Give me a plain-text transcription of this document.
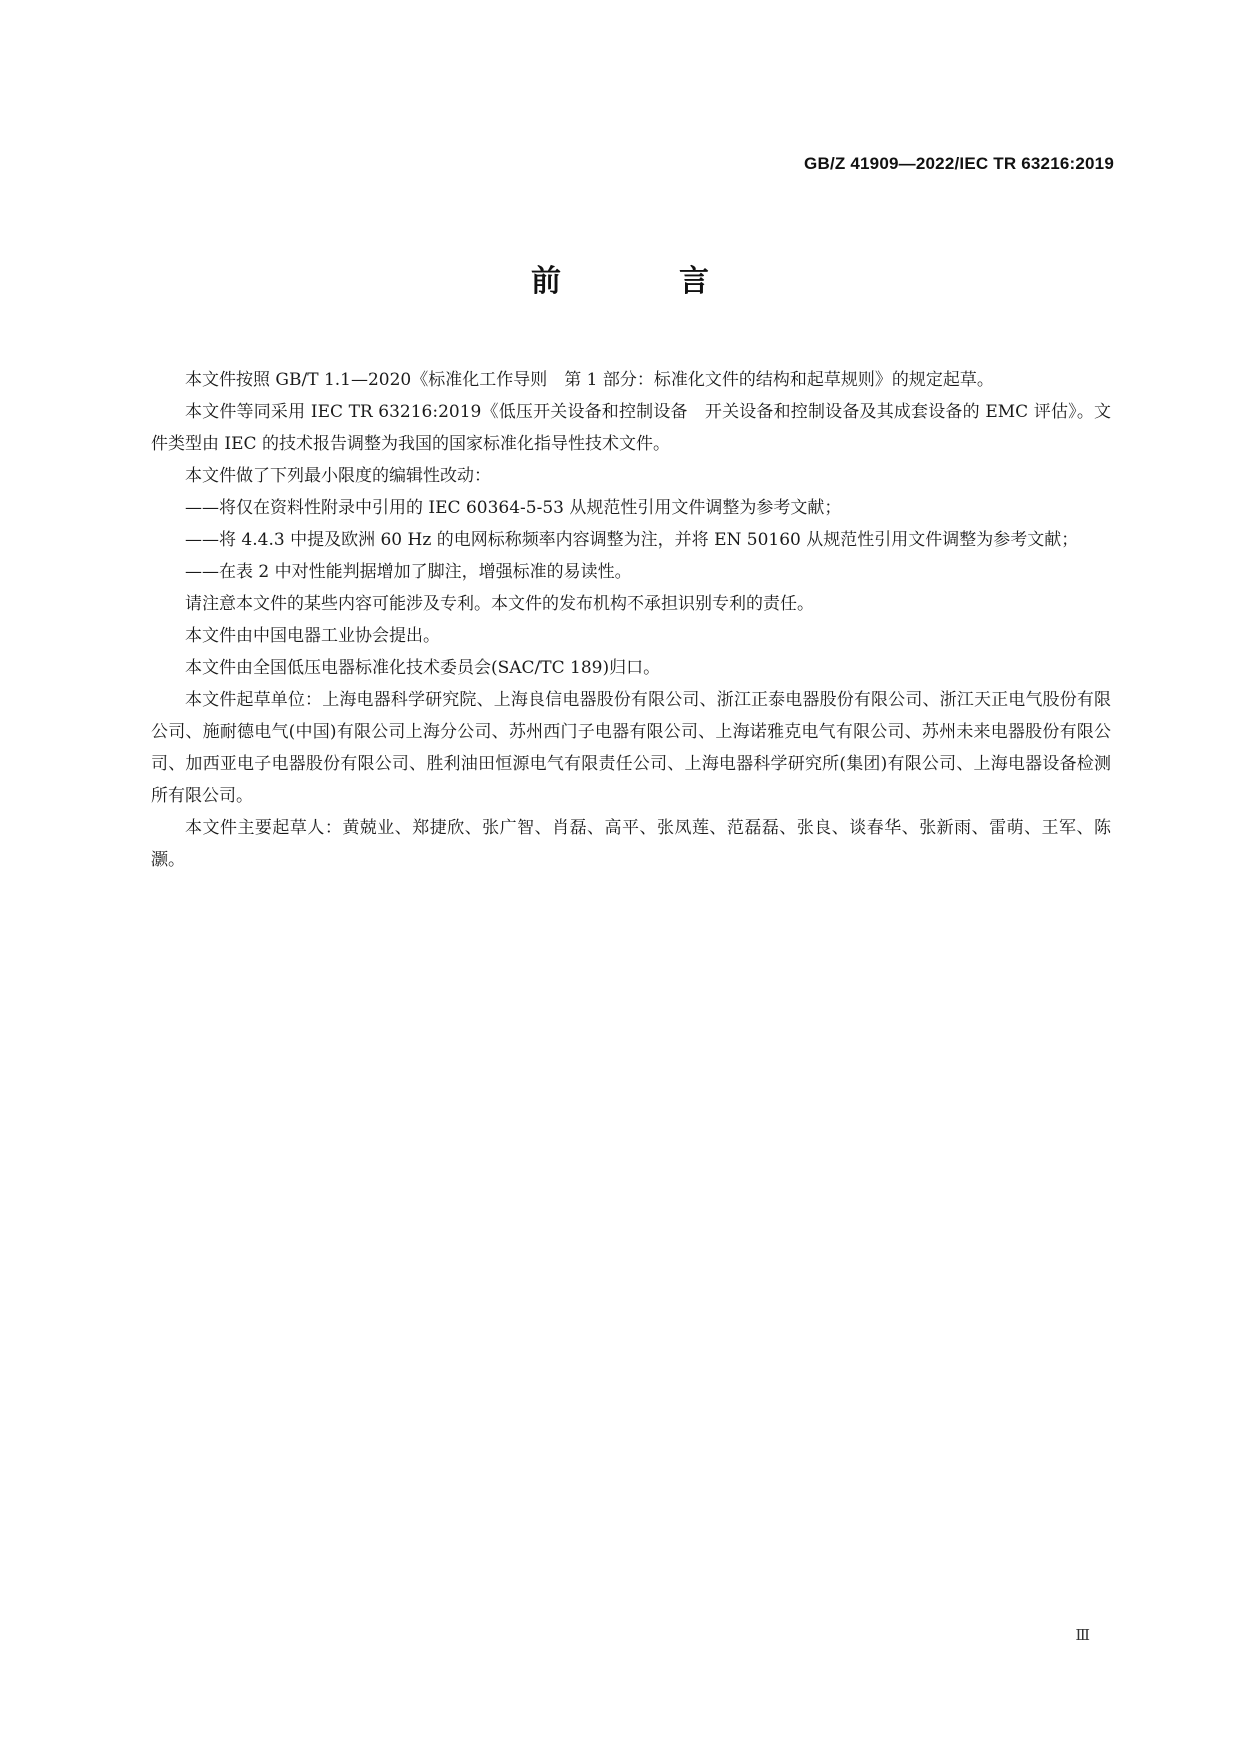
GB/Z 41909—2022/IEC TR 63216:2019
前　言

本文件按照 GB/T 1.1—2020《标准化工作导则　第 1 部分：标准化文件的结构和起草规则》的规定起草。

本文件等同采用 IEC TR 63216:2019《低压开关设备和控制设备　开关设备和控制设备及其成套设备的 EMC 评估》。文件类型由 IEC 的技术报告调整为我国的国家标准化指导性技术文件。

本文件做了下列最小限度的编辑性改动：

——将仅在资料性附录中引用的 IEC 60364-5-53 从规范性引用文件调整为参考文献；

——将 4.4.3 中提及欧洲 60 Hz 的电网标称频率内容调整为注，并将 EN 50160 从规范性引用文件调整为参考文献；

——在表 2 中对性能判据增加了脚注，增强标准的易读性。

请注意本文件的某些内容可能涉及专利。本文件的发布机构不承担识别专利的责任。

本文件由中国电器工业协会提出。

本文件由全国低压电器标准化技术委员会(SAC/TC 189)归口。

本文件起草单位：上海电器科学研究院、上海良信电器股份有限公司、浙江正泰电器股份有限公司、浙江天正电气股份有限公司、施耐德电气(中国)有限公司上海分公司、苏州西门子电器有限公司、上海诺雅克电气有限公司、苏州未来电器股份有限公司、加西亚电子电器股份有限公司、胜利油田恒源电气有限责任公司、上海电器科学研究所(集团)有限公司、上海电器设备检测所有限公司。

本文件主要起草人：黄兢业、郑捷欣、张广智、肖磊、高平、张凤莲、范磊磊、张良、谈春华、张新雨、雷萌、王军、陈灏。

Ⅲ
